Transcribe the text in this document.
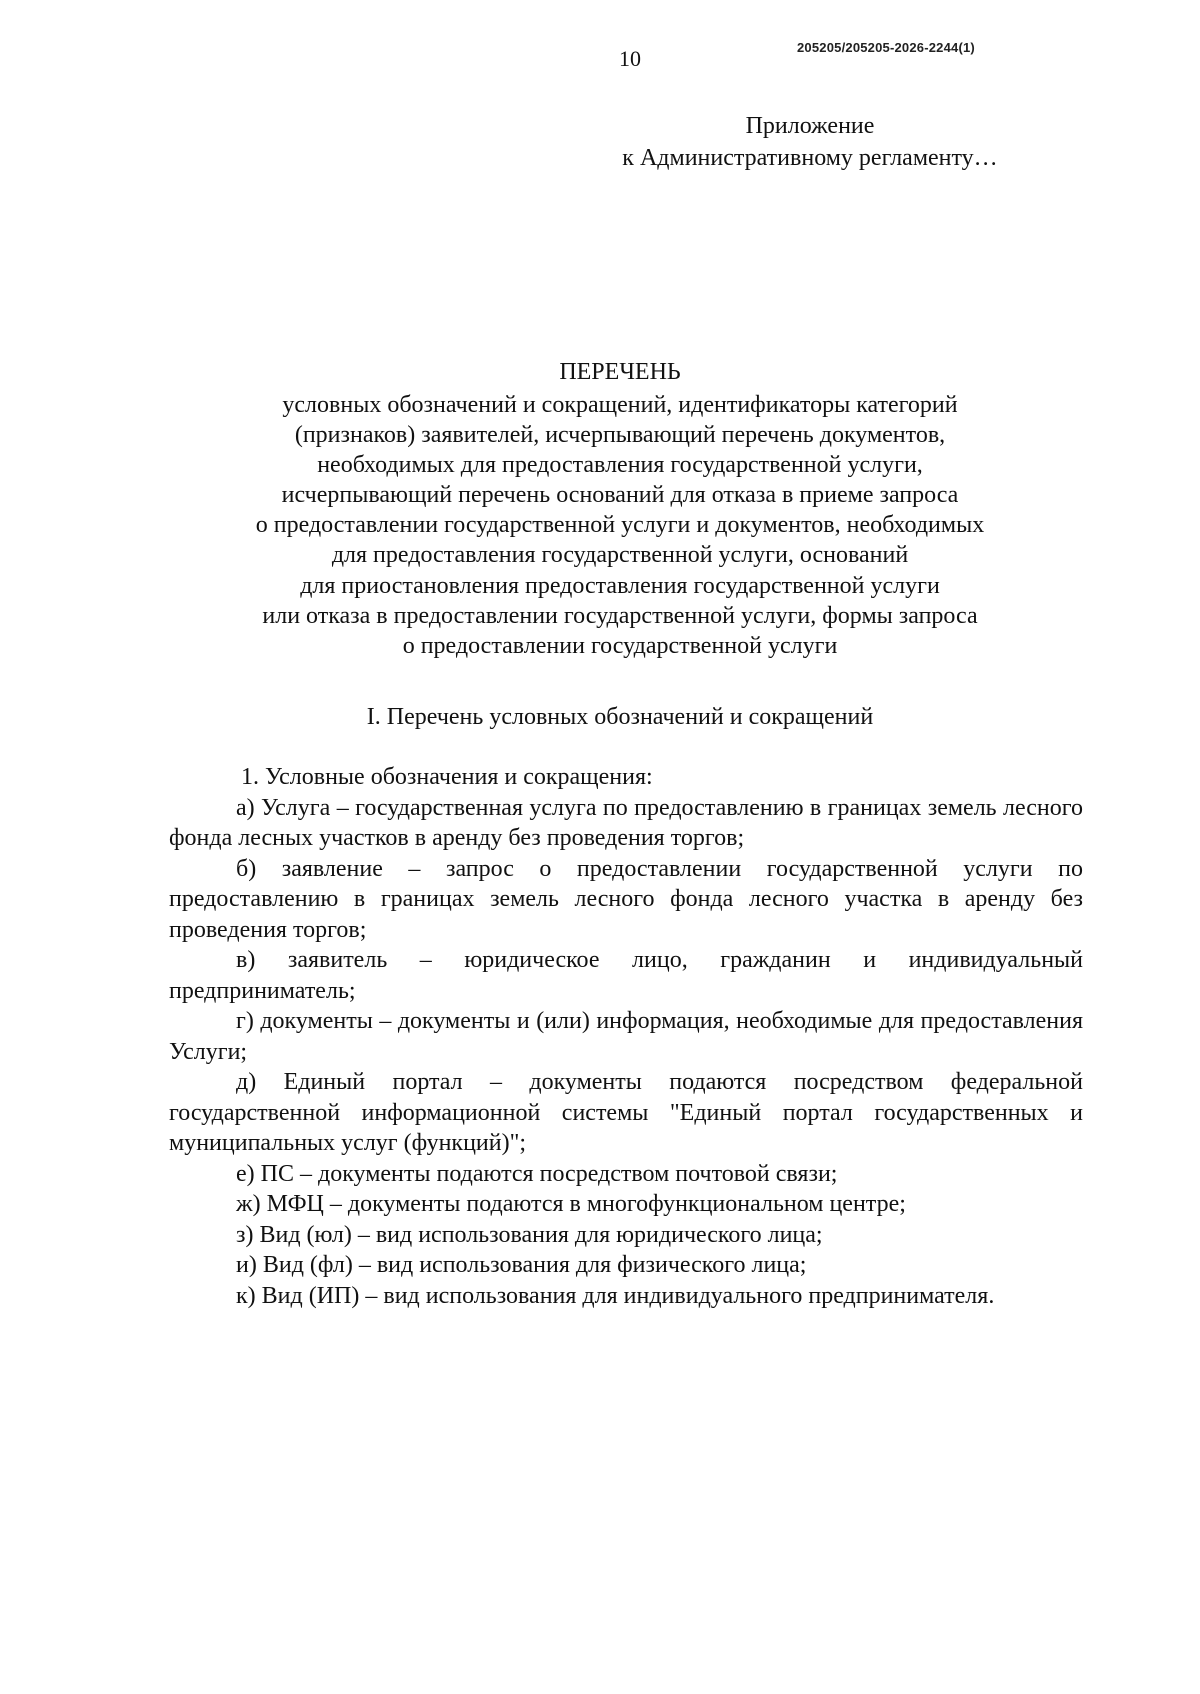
10	205205/205205-2026-2244(1)
Приложение
к Административному регламенту…
ПЕРЕЧЕНЬ
условных обозначений и сокращений, идентификаторы категорий
(признаков) заявителей, исчерпывающий перечень документов,
необходимых для предоставления государственной услуги,
исчерпывающий перечень оснований для отказа в приеме запроса
о предоставлении государственной услуги и документов, необходимых
для предоставления государственной услуги, оснований
для приостановления предоставления государственной услуги
или отказа в предоставлении государственной услуги, формы запроса
о предоставлении государственной услуги
I. Перечень условных обозначений и сокращений

1. Условные обозначения и сокращения:

а) Услуга – государственная услуга по предоставлению в границах земель лесного фонда лесных участков в аренду без проведения торгов;

б) заявление – запрос о предоставлении государственной услуги по предоставлению в границах земель лесного фонда лесного участка в аренду без проведения торгов;

в) заявитель – юридическое лицо, гражданин и индивидуальный предприниматель;

г) документы – документы и (или) информация, необходимые для предоставления Услуги;

д) Единый портал – документы подаются посредством федеральной государственной информационной системы "Единый портал государственных и муниципальных услуг (функций)";

е) ПС – документы подаются посредством почтовой связи;

ж) МФЦ – документы подаются в многофункциональном центре;

з) Вид (юл) – вид использования для юридического лица;

и) Вид (фл) – вид использования для физического лица;

к) Вид (ИП) – вид использования для индивидуального предпринимателя.
